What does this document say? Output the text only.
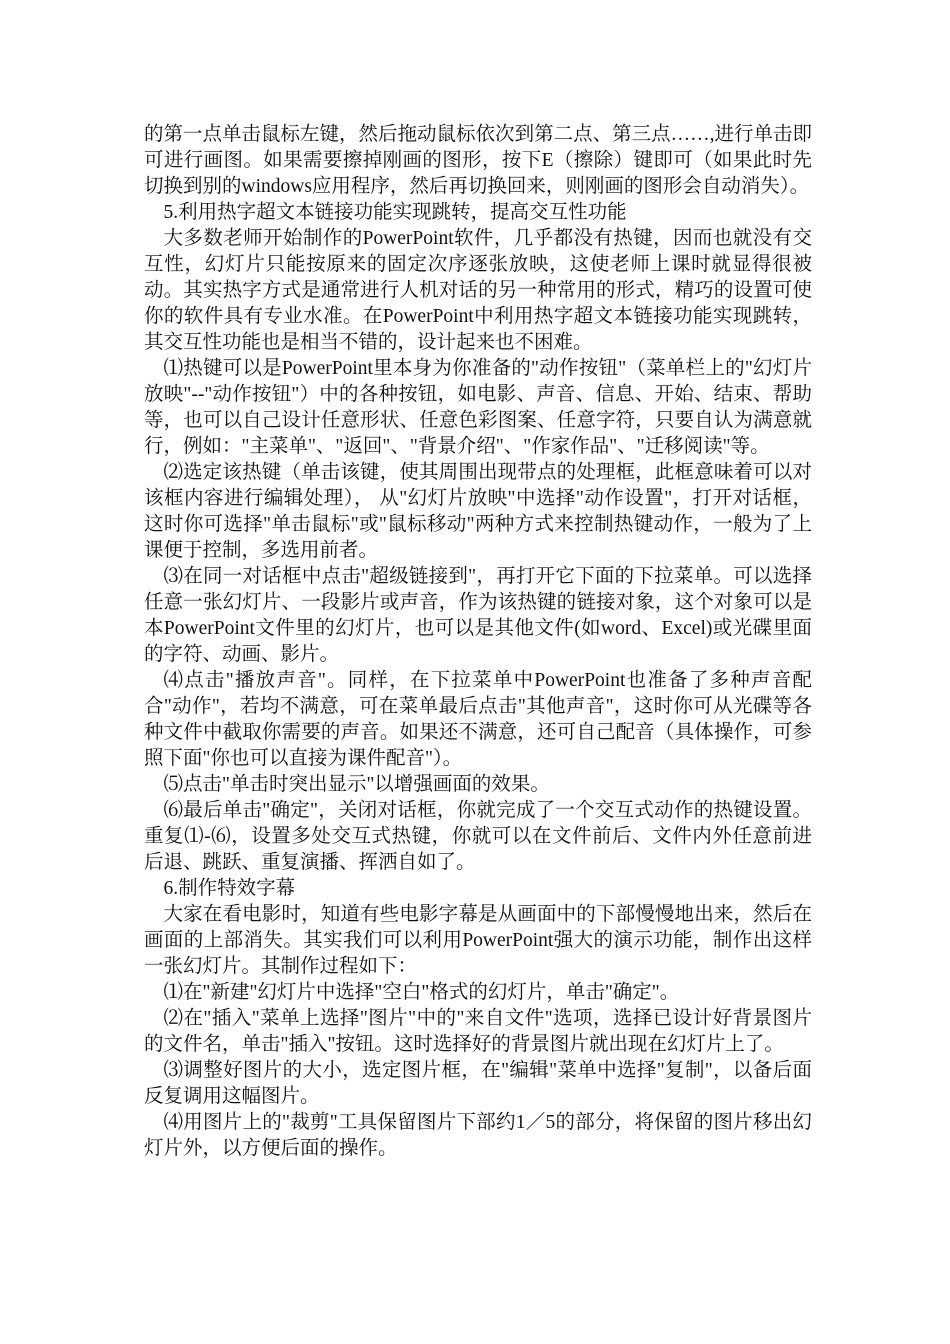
的第一点单击鼠标左键，然后拖动鼠标依次到第二点、第三点……,进行单击即可进行画图。如果需要擦掉刚画的图形，按下E（擦除）键即可（如果此时先切换到别的windows应用程序，然后再切换回来，则刚画的图形会自动消失）。

5.利用热字超文本链接功能实现跳转，提高交互性功能

大多数老师开始制作的PowerPoint软件，几乎都没有热键，因而也就没有交互性，幻灯片只能按原来的固定次序逐张放映，这使老师上课时就显得很被动。其实热字方式是通常进行人机对话的另一种常用的形式，精巧的设置可使你的软件具有专业水准。在PowerPoint中利用热字超文本链接功能实现跳转，其交互性功能也是相当不错的，设计起来也不困难。

⑴热键可以是PowerPoint里本身为你准备的"动作按钮"（菜单栏上的"幻灯片放映"--"动作按钮"）中的各种按钮，如电影、声音、信息、开始、结束、帮助等，也可以自己设计任意形状、任意色彩图案、任意字符，只要自认为满意就行，例如："主菜单"、"返回"、"背景介绍"、"作家作品"、"迁移阅读"等。

⑵选定该热键（单击该键，使其周围出现带点的处理框，此框意味着可以对该框内容进行编辑处理）， 从"幻灯片放映"中选择"动作设置"，打开对话框，这时你可选择"单击鼠标"或"鼠标移动"两种方式来控制热键动作，一般为了上课便于控制，多选用前者。

⑶在同一对话框中点击"超级链接到"，再打开它下面的下拉菜单。可以选择任意一张幻灯片、一段影片或声音，作为该热键的链接对象，这个对象可以是本PowerPoint文件里的幻灯片，也可以是其他文件(如word、Excel)或光碟里面的字符、动画、影片。

⑷点击"播放声音"。同样，在下拉菜单中PowerPoint也准备了多种声音配合"动作"，若均不满意，可在菜单最后点击"其他声音"，这时你可从光碟等各种文件中截取你需要的声音。如果还不满意，还可自己配音（具体操作，可参照下面"你也可以直接为课件配音"）。

⑸点击"单击时突出显示"以增强画面的效果。

⑹最后单击"确定"，关闭对话框，你就完成了一个交互式动作的热键设置。重复⑴-⑹，设置多处交互式热键，你就可以在文件前后、文件内外任意前进后退、跳跃、重复演播、挥洒自如了。

6.制作特效字幕

大家在看电影时，知道有些电影字幕是从画面中的下部慢慢地出来，然后在画面的上部消失。其实我们可以利用PowerPoint强大的演示功能，制作出这样一张幻灯片。其制作过程如下：

⑴在"新建"幻灯片中选择"空白"格式的幻灯片，单击"确定"。

⑵在"插入"菜单上选择"图片"中的"来自文件"选项，选择已设计好背景图片的文件名，单击"插入"按钮。这时选择好的背景图片就出现在幻灯片上了。

⑶调整好图片的大小，选定图片框，在"编辑"菜单中选择"复制"，以备后面反复调用这幅图片。

⑷用图片上的"裁剪"工具保留图片下部约1／5的部分，将保留的图片移出幻灯片外，以方便后面的操作。
